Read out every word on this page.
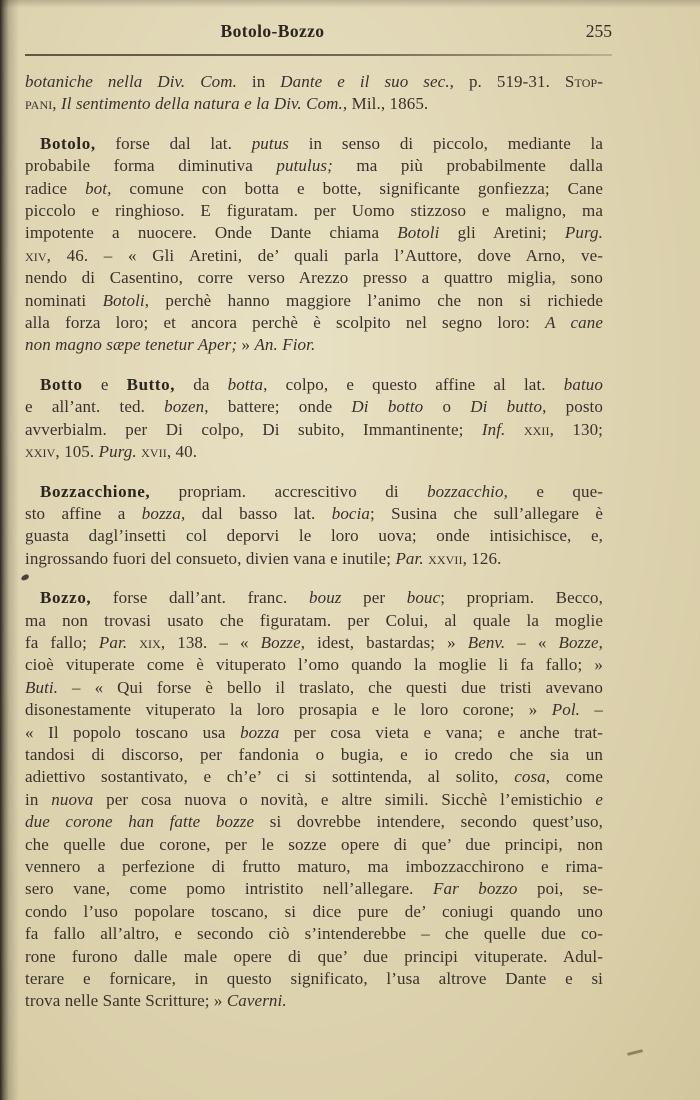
Botolo-Bozzo	255
botaniche nella Div. Com. in Dante e il suo sec., p. 519-31. Stop-
pani, Il sentimento della natura e la Div. Com., Mil., 1865.
Botolo, forse dal lat. putus in senso di piccolo, mediante la
probabile forma diminutiva putulus; ma più probabilmente dalla
radice bot, comune con botta e botte, significante gonfiezza; Cane
piccolo e ringhioso. E figuratam. per Uomo stizzoso e maligno, ma
impotente a nuocere. Onde Dante chiama Botoli gli Aretini; Purg.
xiv, 46. – « Gli Aretini, de’ quali parla l’Auttore, dove Arno, ve-
nendo di Casentino, corre verso Arezzo presso a quattro miglia, sono
nominati Botoli, perchè hanno maggiore l’animo che non si richiede
alla forza loro; et ancora perchè è scolpito nel segno loro: A cane
non magno sæpe tenetur Aper; » An. Fior.
Botto e Butto, da botta, colpo, e questo affine al lat. batuo
e all’ant. ted. bozen, battere; onde Di botto o Di butto, posto
avverbialm. per Di colpo, Di subito, Immantinente; Inf. xxii, 130;
xxiv, 105. Purg. xvii, 40.
Bozzacchione, propriam. accrescitivo di bozzacchio, e que-
sto affine a bozza, dal basso lat. bocia; Susina che sull’allegare è
guasta dagl’insetti col deporvi le loro uova; onde intisichisce, e,
ingrossando fuori del consueto, divien vana e inutile; Par. xxvii, 126.
Bozzo, forse dall’ant. franc. bouz per bouc; propriam. Becco,
ma non trovasi usato che figuratam. per Colui, al quale la moglie
fa fallo; Par. xix, 138. – « Bozze, idest, bastardas; » Benv. – « Bozze,
cioè vituperate come è vituperato l’omo quando la moglie li fa fallo; »
Buti. – « Qui forse è bello il traslato, che questi due tristi avevano
disonestamente vituperato la loro prosapia e le loro corone; » Pol. –
« Il popolo toscano usa bozza per cosa vieta e vana; e anche trat-
tandosi di discorso, per fandonia o bugia, e io credo che sia un
adiettivo sostantivato, e ch’e’ ci si sottintenda, al solito, cosa, come
in nuova per cosa nuova o novità, e altre simili. Sicchè l’emistichio e
due corone han fatte bozze si dovrebbe intendere, secondo quest’uso,
che quelle due corone, per le sozze opere di que’ due principi, non
vennero a perfezione di frutto maturo, ma imbozzacchirono e rima-
sero vane, come pomo intristito nell’allegare. Far bozzo poi, se-
condo l’uso popolare toscano, si dice pure de’ coniugi quando uno
fa fallo all’altro, e secondo ciò s’intenderebbe – che quelle due co-
rone furono dalle male opere di que’ due principi vituperate. Adul-
terare e fornicare, in questo significato, l’usa altrove Dante e si
trova nelle Sante Scritture; » Caverni.
